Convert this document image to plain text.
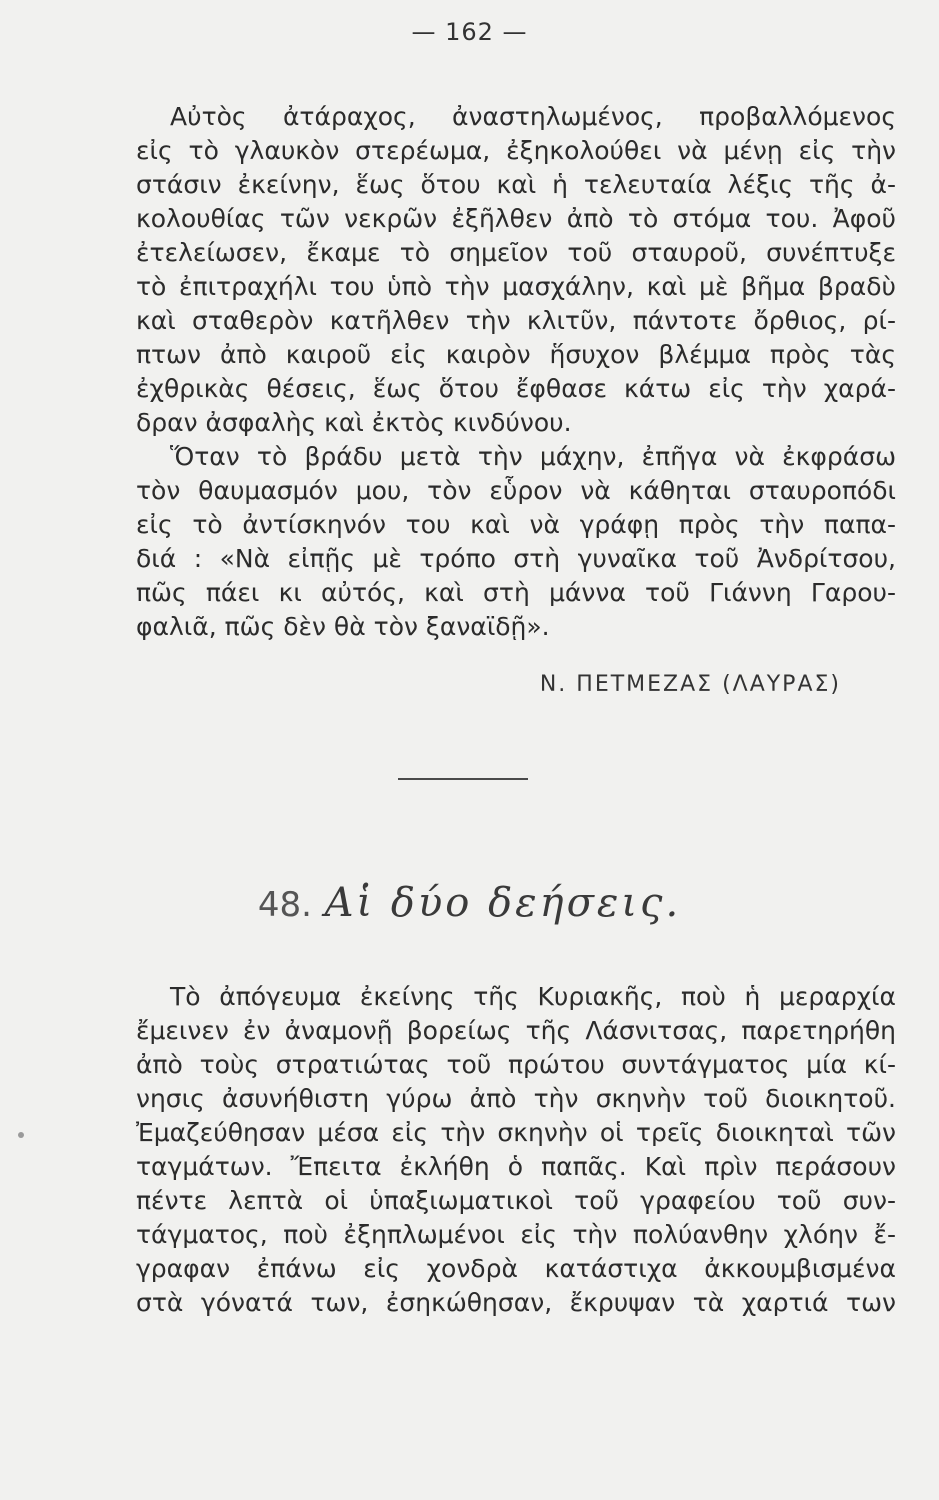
— 162 —
Αὐτὸς ἀτάραχος, ἀναστηλωμένος, προβαλλόμενος
εἰς τὸ γλαυκὸν στερέωμα, ἐξηκολούθει νὰ μένῃ εἰς τὴν
στάσιν ἐκείνην, ἕως ὅτου καὶ ἡ τελευταία λέξις τῆς ἀ-
κολουθίας τῶν νεκρῶν ἐξῆλθεν ἀπὸ τὸ στόμα του. Ἀφοῦ
ἐτελείωσεν, ἔκαμε τὸ σημεῖον τοῦ σταυροῦ, συνέπτυξε
τὸ ἐπιτραχήλι του ὑπὸ τὴν μασχάλην, καὶ μὲ βῆμα βραδὺ
καὶ σταθερὸν κατῆλθεν τὴν κλιτῦν, πάντοτε ὄρθιος, ρί-
πτων ἀπὸ καιροῦ εἰς καιρὸν ἥσυχον βλέμμα πρὸς τὰς
ἐχθρικὰς θέσεις, ἕως ὅτου ἔφθασε κάτω εἰς τὴν χαρά-
δραν ἀσφαλὴς καὶ ἐκτὸς κινδύνου.
Ὅταν τὸ βράδυ μετὰ τὴν μάχην, ἐπῆγα νὰ ἐκφράσω
τὸν θαυμασμόν μου, τὸν εὗρον νὰ κάθηται σταυροπόδι
εἰς τὸ ἀντίσκηνόν του καὶ νὰ γράφῃ πρὸς τὴν παπα-
διά : «Νὰ εἰπῇς μὲ τρόπο στὴ γυναῖκα τοῦ Ἀνδρίτσου,
πῶς πάει κι αὐτός, καὶ στὴ μάννα τοῦ Γιάννη Γαρου-
φαλιᾶ, πῶς δὲν θὰ τὸν ξαναϊδῇ».
Ν. ΠΕΤΜΕΖΑΣ (ΛΑΥΡΑΣ)
48. Αἱ δύο δεήσεις.
Τὸ ἀπόγευμα ἐκείνης τῆς Κυριακῆς, ποὺ ἡ μεραρχία
ἔμεινεν ἐν ἀναμονῇ βορείως τῆς Λάσνιτσας, παρετηρήθη
ἀπὸ τοὺς στρατιώτας τοῦ πρώτου συντάγματος μία κί-
νησις ἀσυνήθιστη γύρω ἀπὸ τὴν σκηνὴν τοῦ διοικητοῦ.
Ἐμαζεύθησαν μέσα εἰς τὴν σκηνὴν οἱ τρεῖς διοικηταὶ τῶν
ταγμάτων. Ἔπειτα ἐκλήθη ὁ παπᾶς. Καὶ πρὶν περάσουν
πέντε λεπτὰ οἱ ὑπαξιωματικοὶ τοῦ γραφείου τοῦ συν-
τάγματος, ποὺ ἐξηπλωμένοι εἰς τὴν πολύανθην χλόην ἔ-
γραφαν ἐπάνω εἰς χονδρὰ κατάστιχα ἀκκουμβισμένα
στὰ γόνατά των, ἐσηκώθησαν, ἔκρυψαν τὰ χαρτιά των
